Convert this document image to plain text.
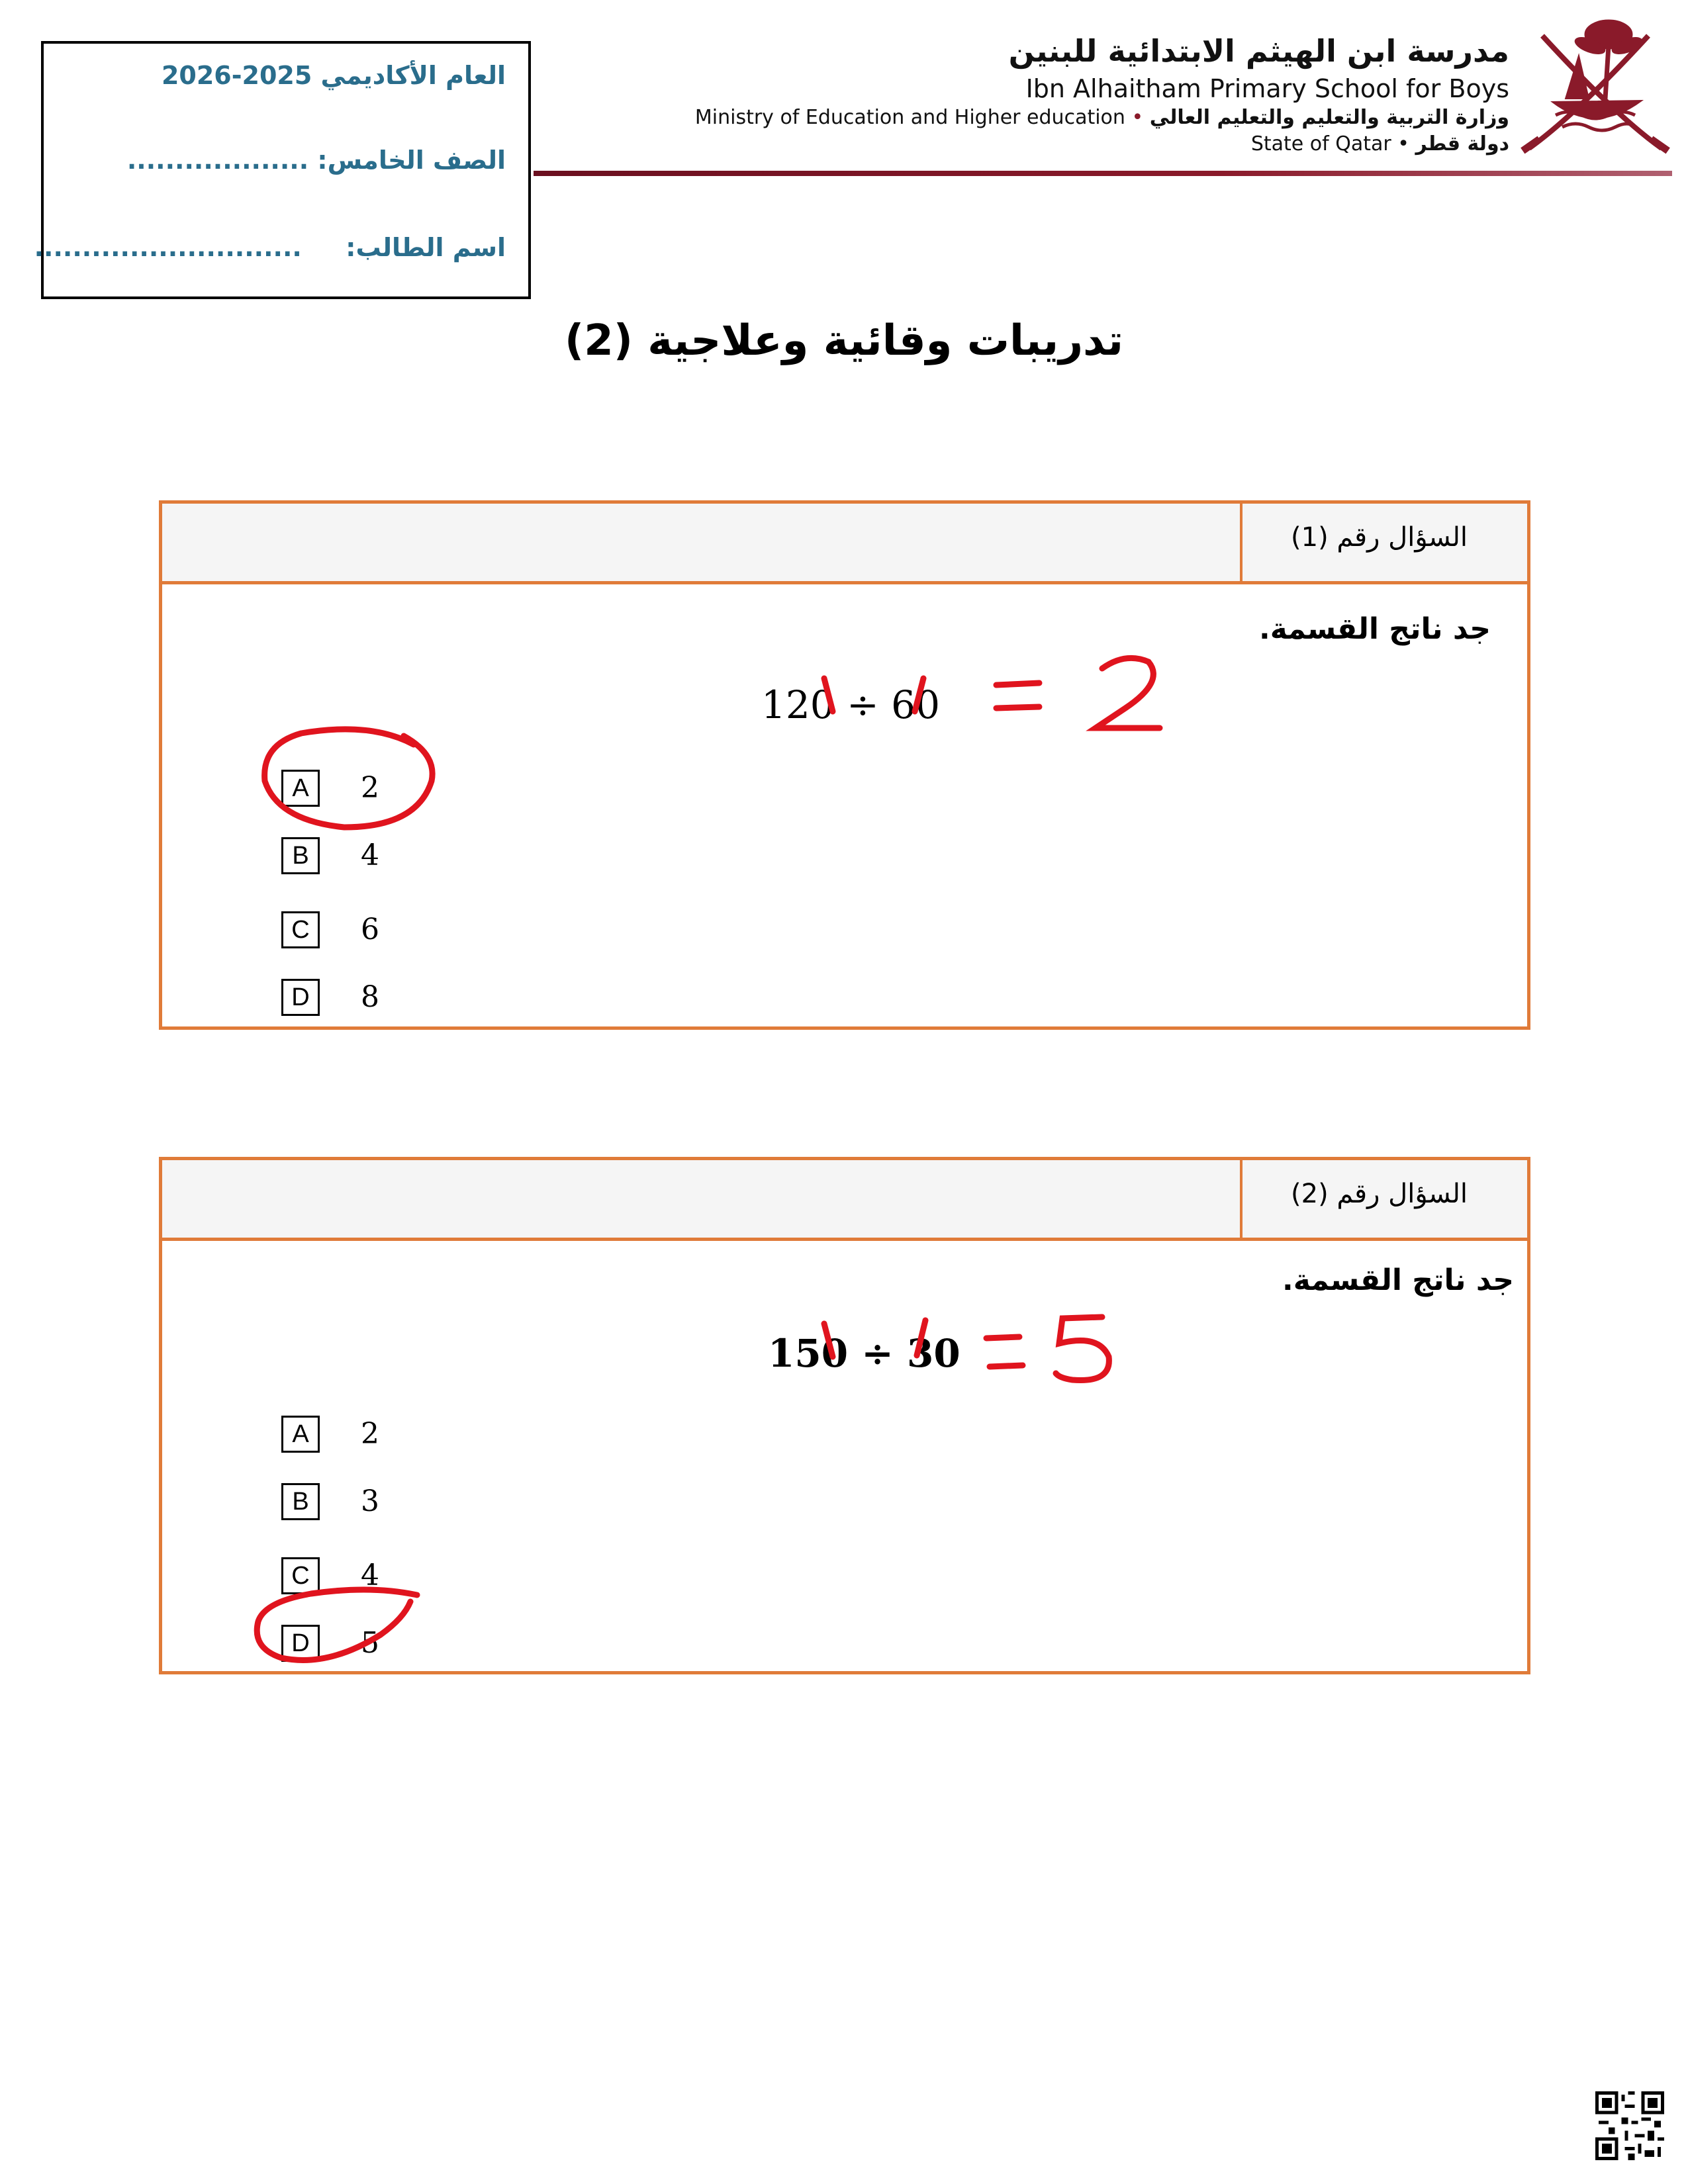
العام الأكاديمي 2025-2026
الصف الخامس: ...................
اسم الطالب:  ............................
مدرسة ابن الهيثم الابتدائية للبنين
Ibn Alhaitham Primary School for Boys
Ministry of Education and Higher education • وزارة التربية والتعليم والتعليم العالي
State of Qatar • دولة قطر
تدريبات وقائية وعلاجية (2)
السؤال رقم (1)
جد ناتج القسمة.
120 ÷ 60
A	2
B	4
C	6
D	8
السؤال رقم (2)
جد ناتج القسمة.
150 ÷ 30
A	2
B	3
C	4
D	5
